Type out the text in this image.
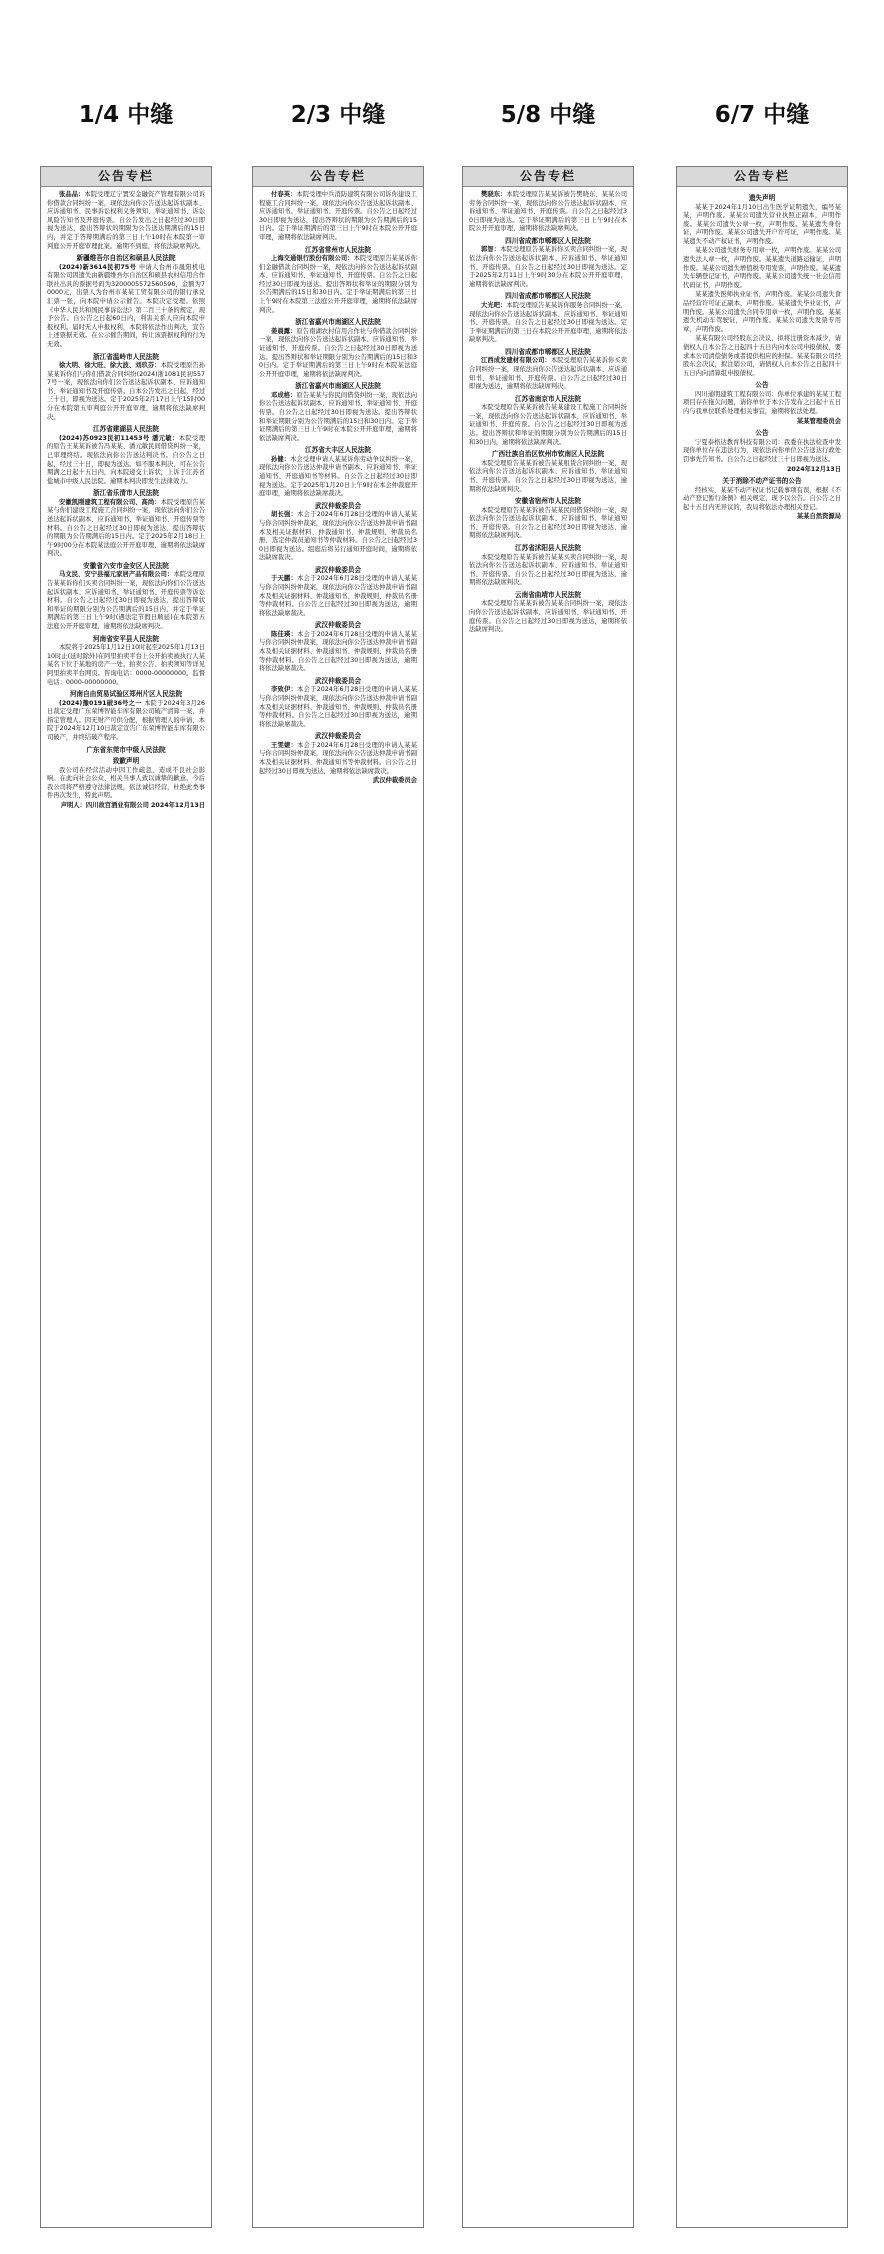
1/4 中缝
公告专栏

张品品：本院受理辽宁置安金融资产管理有限公司诉你借款合同纠纷一案，现依法向你公告送达起诉状副本、应诉通知书、民事诉讼权利义务须知、举证通知书、诉讼风险告知书及开庭传票。自公告发出之日起经过30日即视为送达，提出答辩状的期限为公告送达期满后的15日内，并定于答辩期满后的第三日上午10时在本院第一审判庭公开开庭审理此案。逾期不到庭，将依法缺席判决。

新疆维吾尔自治区和硕县人民法院

(2024)新3614民初75号 申请人台州市晟阳机电有限公司因遗失由新疆维吾尔自治区和硕县农村信用合作联社出具的票据号码为3200005572560596，金额为70000元，出票人为台州市某某工贸有限公司的银行承兑汇票一张，向本院申请公示催告。本院决定受理。依照《中华人民共和国民事诉讼法》第二百三十条的规定，现予公告。自公告之日起60日内，利害关系人应向本院申报权利。届时无人申报权利，本院将依法作出判决，宣告上述票据无效。在公示催告期间，转让该票据权利的行为无效。

浙江省温岭市人民法院

徐大明、徐大旺、徐大波、刘玖芬：本院受理原告孙某某诉你们与你们借款合同纠纷(2024)浙1081民初5577号一案，现依法向你们公告送达起诉状副本、应诉通知书、举证通知书及开庭传票。自本公告发出之日起，经过三十日，即视为送达。定于2025年2月17日上午15时00分在本院第五审判庭公开开庭审理，逾期将依法缺席判决。

江苏省建湖县人民法院

(2024)苏0923民初11453号 潘元敏：本院受理的原告王某某诉被告冯某某、潘元敏民间借贷纠纷一案，已审理终结。现依法向你公告送达判决书。自公告之日起，经过三十日，即视为送达。如不服本判决，可在公告期满之日起十五日内，向本院递交上诉状，上诉于江苏省盐城市中级人民法院。逾期本判决即发生法律效力。

浙江省乐清市人民法院

安徽凯刚建筑工程有限公司、高尚：本院受理原告某某与你们建设工程施工合同纠纷一案，现依法向你们公告送达起诉状副本、应诉通知书、举证通知书、开庭传票等材料。自公告之日起经过30日即视为送达，提出答辩状的期限为公告期满后的15日内。定于2025年2月18日上午9时00分在本院某法庭公开开庭审理，逾期将依法缺席判决。

安徽省六安市金安区人民法院

马文民、安宁县福元家居产品有限公司：本院受理原告某某诉你们买卖合同纠纷一案，现依法向你们公告送达起诉状副本、应诉通知书、举证通知书、开庭传票等诉讼材料。自公告之日起经过30日即视为送达，提出答辩状和举证的期限分别为公告期满后的15日内，并定于举证期满后的第三日上午9时(遇法定节假日顺延)在本院第五法庭公开开庭审理，逾期将依法缺席判决。

河南省安平县人民法院

本院将于2025年1月12日10时起至2025年1月13日10时止(延时除外)在阿里拍卖平台上公开拍卖被执行人某某名下位于某地的房产一处。拍卖公告、拍卖须知等详见阿里拍卖平台网页。咨询电话：0000-00000000。监督电话：0000-00000000。

河南自由贸易试验区郑州片区人民法院

(2024)豫0191破36号之一 本院于2024年3月26日裁定受理广东荣博智能车库有限公司破产清算一案，并指定管理人。因无财产可供分配，根据管理人的申请，本院于2024年12月10日裁定宣告广东荣博智能车库有限公司破产，并终结破产程序。

广东省东莞市中级人民法院
致歉声明

我公司在经营活动中因工作疏忽，造成不良社会影响。在此向社会公众、相关当事人致以诚挚的歉意。今后我公司将严格遵守法律法规，依法诚信经营，杜绝此类事件再次发生，特此声明。

声明人：四川故宫酒业有限公司 2024年12月13日
2/3 中缝
公告专栏

付春英：本院受理中兵消防建筑有限公司诉你建设工程施工合同纠纷一案，现依法向你公告送达起诉状副本、应诉通知书、举证通知书、开庭传票。自公告之日起经过30日即视为送达，提出答辩状的期限为公告期满后的15日内。定于举证期满后的第三日上午9时在本院公开开庭审理，逾期将依法缺席判决。

江苏省常州市人民法院

上海交通银行股份有限公司：本院受理原告某某诉你们金融借款合同纠纷一案，现依法向你公告送达起诉状副本、应诉通知书、举证通知书、开庭传票。自公告之日起经过30日即视为送达。提出答辩状和举证的期限分别为公告期满后的15日和30日内。定于举证期满后的第三日上午9时在本院第三法庭公开开庭审理，逾期将依法缺席判决。

浙江省嘉兴市南湖区人民法院

姜晨露：原告南湖农村信用合作社与你借款合同纠纷一案，现依法向你公告送达起诉状副本、应诉通知书、举证通知书、开庭传票。自公告之日起经过30日即视为送达。提出答辩状和举证期限分别为公告期满后的15日和30日内。定于举证期满后的第三日上午9时在本院某法庭公开开庭审理，逾期将依法缺席判决。

浙江省嘉兴市南湖区人民法院

邓成格：原告某某与你民间借贷纠纷一案，现依法向你公告送达起诉状副本、应诉通知书、举证通知书、开庭传票。自公告之日起经过30日即视为送达。提出答辩状和举证期限分别为公告期满后的15日和30日内。定于举证期满后的第三日上午9时在本院公开开庭审理，逾期将依法缺席判决。

江苏省大丰区人民法院

孙健：本会受理申请人某某诉你劳动争议纠纷一案，现依法向你公告送达仲裁申请书副本、应诉通知书、举证通知书、开庭通知书等材料。自公告之日起经过30日即视为送达。定于2025年1月20日上午9时在本会仲裁庭开庭审理，逾期将依法缺席裁决。

武汉仲裁委员会

胡长强：本会于2024年6月28日受理的申请人某某与你合同纠纷仲裁案，现依法向你公告送达仲裁申请书副本及相关证据材料、仲裁通知书、仲裁规则、仲裁员名册、选定仲裁员通知书等仲裁材料。自公告之日起经过30日即视为送达。组庭后将另行通知开庭时间，逾期将依法缺席裁决。

武汉仲裁委员会

于天鹏：本会于2024年6月28日受理的申请人某某与你合同纠纷仲裁案，现依法向你公告送达仲裁申请书副本及相关证据材料、仲裁通知书、仲裁规则、仲裁员名册等仲裁材料。自公告之日起经过30日即视为送达，逾期将依法缺席裁决。

武汉仲裁委员会

陈佳瑛：本会于2024年6月28日受理的申请人某某与你合同纠纷仲裁案，现依法向你公告送达仲裁申请书副本及相关证据材料、仲裁通知书、仲裁规则、仲裁员名册等仲裁材料。自公告之日起经过30日即视为送达，逾期将依法缺席裁决。

武汉仲裁委员会

李致伊：本会于2024年6月28日受理的申请人某某与你合同纠纷仲裁案，现依法向你公告送达仲裁申请书副本及相关证据材料、仲裁通知书、仲裁规则、仲裁员名册等仲裁材料。自公告之日起经过30日即视为送达，逾期将依法缺席裁决。

武汉仲裁委员会

王雯婕：本会于2024年6月28日受理的申请人某某与你合同纠纷仲裁案，现依法向你公告送达仲裁申请书副本及相关证据材料、仲裁通知书等仲裁材料。自公告之日起经过30日即视为送达，逾期将依法缺席裁决。

武汉仲裁委员会
5/8 中缝
公告专栏

樊晓东：本院受理原告某某诉被告樊晓东、某某公司劳务合同纠纷一案，现依法向你公告送达起诉状副本、应诉通知书、举证通知书、开庭传票。自公告之日起经过30日即视为送达。定于举证期满后的第三日上午9时在本院公开开庭审理，逾期将依法缺席判决。

四川省成都市郫都区人民法院

郭智：本院受理原告某某诉你买卖合同纠纷一案，现依法向你公告送达起诉状副本、应诉通知书、举证通知书、开庭传票。自公告之日起经过30日即视为送达。定于2025年2月11日上午9时30分在本院公开开庭审理，逾期将依法缺席判决。

四川省成都市郫都区人民法院

大光吧：本院受理原告某某诉你服务合同纠纷一案，现依法向你公告送达起诉状副本、应诉通知书、举证通知书、开庭传票。自公告之日起经过30日即视为送达。定于举证期满后的第三日在本院公开开庭审理，逾期将依法缺席判决。

四川省成都市郫都区人民法院

江西成发建材有限公司：本院受理原告某某诉你买卖合同纠纷一案，现依法向你公告送达起诉状副本、应诉通知书、举证通知书、开庭传票。自公告之日起经过30日即视为送达，逾期将依法缺席判决。

江苏省南京市人民法院

本院受理原告某某诉被告某某建设工程施工合同纠纷一案，现依法向你公告送达起诉状副本、应诉通知书、举证通知书、开庭传票。自公告之日起经过30日即视为送达。提出答辩状和举证的期限分别为公告期满后的15日和30日内，逾期将依法缺席判决。

广西壮族自治区钦州市钦南区人民法院

本院受理原告某某诉被告某某租赁合同纠纷一案，现依法向你公告送达起诉状副本、应诉通知书、举证通知书、开庭传票。自公告之日起经过30日即视为送达，逾期将依法缺席判决。

安徽省宿州市人民法院

本院受理原告某某诉被告某某民间借贷纠纷一案，现依法向你公告送达起诉状副本、应诉通知书、举证通知书、开庭传票。自公告之日起经过30日即视为送达，逾期将依法缺席判决。

江苏省沭阳县人民法院

本院受理原告某某诉被告某某买卖合同纠纷一案，现依法向你公告送达起诉状副本、应诉通知书、举证通知书、开庭传票。自公告之日起经过30日即视为送达，逾期将依法缺席判决。

云南省曲靖市人民法院

本院受理原告某某诉被告某某合同纠纷一案，现依法向你公告送达起诉状副本、应诉通知书、举证通知书、开庭传票。自公告之日起经过30日即视为送达，逾期将依法缺席判决。

6/7 中缝
公告专栏
遗失声明

某某于2024年1月10日出生医学证明遗失，编号某某，声明作废。某某公司遗失营业执照正副本，声明作废。某某公司遗失公章一枚，声明作废。某某遗失身份证，声明作废。某某公司遗失开户许可证，声明作废。某某遗失不动产权证书，声明作废。

某某公司遗失财务专用章一枚，声明作废。某某公司遗失法人章一枚，声明作废。某某遗失道路运输证，声明作废。某某公司遗失增值税专用发票，声明作废。某某遗失车辆登记证书，声明作废。某某公司遗失统一社会信用代码证书，声明作废。

某某遗失医师执业证书，声明作废。某某公司遗失食品经营许可证正副本，声明作废。某某遗失毕业证书，声明作废。某某公司遗失合同专用章一枚，声明作废。某某遗失机动车驾驶证，声明作废。某某公司遗失发票专用章，声明作废。

某某有限公司经股东会决议，拟将注册资本减少，请债权人自本公告之日起四十五日内向本公司申报债权，要求本公司清偿债务或者提供相应的担保。某某有限公司经股东会决议，拟注销公司，请债权人自本公告之日起四十五日内向清算组申报债权。

公告

四川通明建筑工程有限公司：你单位承建的某某工程项目存在拖欠问题，请你单位于本公告发布之日起十五日内与我单位联系处理相关事宜，逾期将依法处理。

某某管理委员会
公告

宁夏泰格达教育科技有限公司：我委在执法检查中发现你单位存在违法行为，现依法向你单位公告送达行政处罚事先告知书。自公告之日起经过三十日即视为送达。

2024年12月13日
关于消除不动产证书的公告

经核实，某某不动产权证书记载事项有误，根据《不动产登记暂行条例》相关规定，现予以公告。自公告之日起十五日内无异议的，我局将依法办理相关登记。

某某自然资源局
